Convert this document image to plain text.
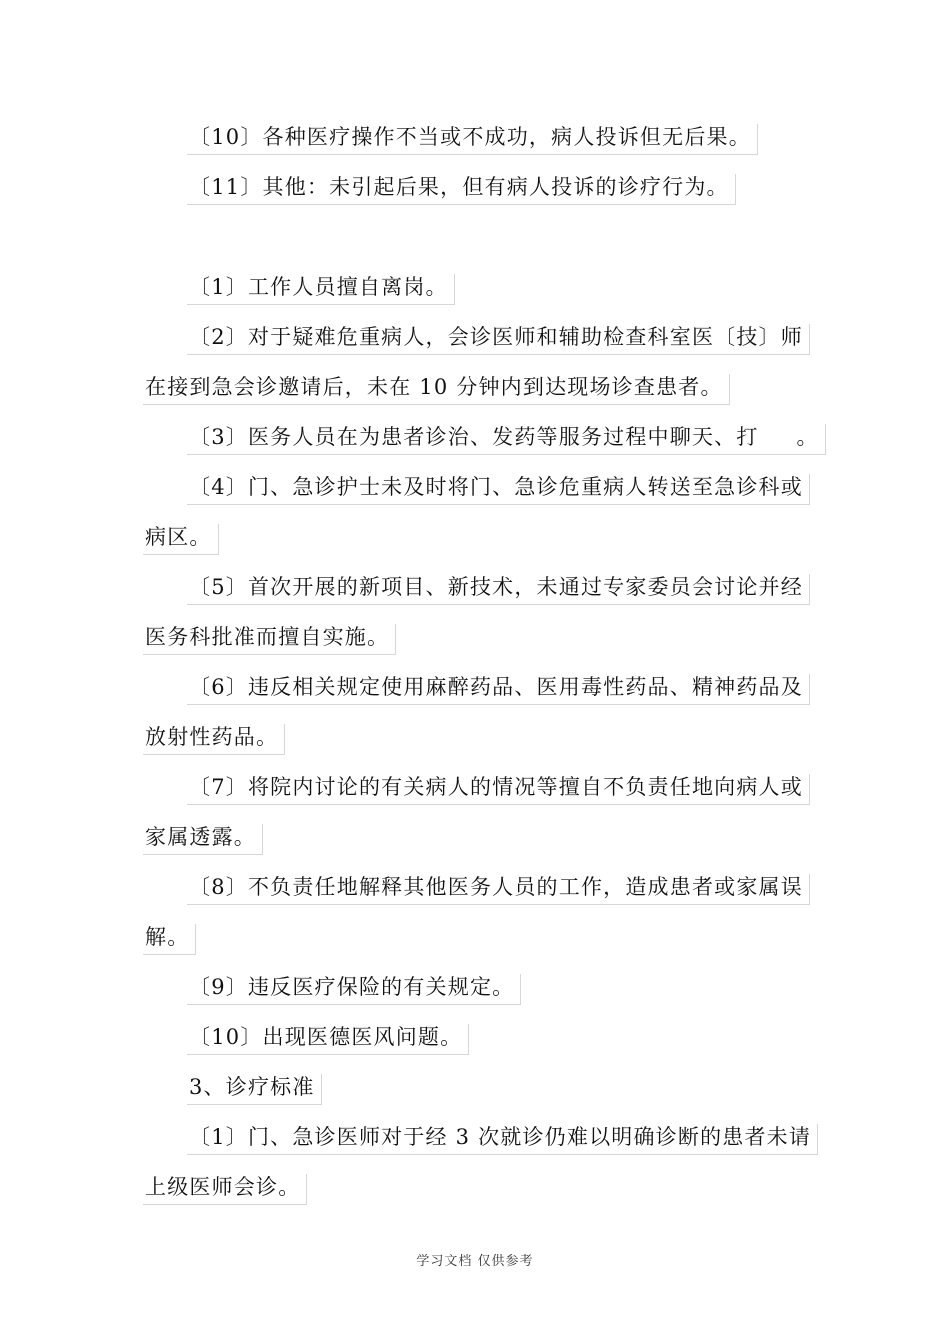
〔10〕各种医疗操作不当或不成功，病人投诉但无后果。
〔11〕其他：未引起后果，但有病人投诉的诊疗行为。
〔1〕工作人员擅自离岗。
〔2〕对于疑难危重病人，会诊医师和辅助检查科室医〔技〕师
在接到急会诊邀请后，未在 10 分钟内到达现场诊查患者。
〔3〕医务人员在为患者诊治、发药等服务过程中聊天、打 　 。
〔4〕门、急诊护士未及时将门、急诊危重病人转送至急诊科或
病区。
〔5〕首次开展的新项目、新技术，未通过专家委员会讨论并经
医务科批准而擅自实施。
〔6〕违反相关规定使用麻醉药品、医用毒性药品、精神药品及
放射性药品。
〔7〕将院内讨论的有关病人的情况等擅自不负责任地向病人或
家属透露。
〔8〕不负责任地解释其他医务人员的工作，造成患者或家属误
解。
〔9〕违反医疗保险的有关规定。
〔10〕出现医德医风问题。
3、诊疗标准
〔1〕门、急诊医师对于经 3 次就诊仍难以明确诊断的患者未请
上级医师会诊。
学习文档 仅供参考
